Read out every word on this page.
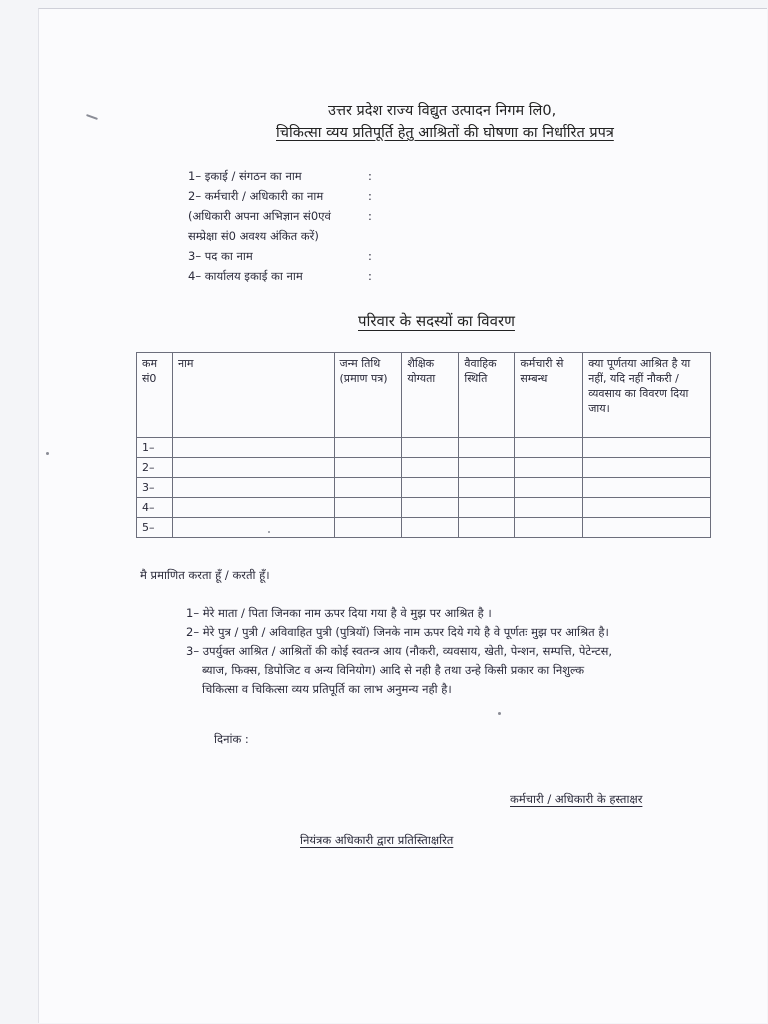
उत्तर प्रदेश राज्य विद्युत उत्पादन निगम लि0,
चिकित्सा व्यय प्रतिपूर्ति हेतु आश्रितों की घोषणा का निर्धारित प्रपत्र
1– इकाई / संगठन का नाम	:
2– कर्मचारी / अधिकारी का नाम	:
(अधिकारी अपना अभिज्ञान सं0एवं	:
सम्प्रेक्षा सं0 अवश्य अंकित करें)
3– पद का नाम	:
4– कार्यालय इकाई का नाम	:
परिवार के सदस्यों का विवरण
कम सं0	नाम	जन्म तिथि (प्रमाण पत्र)	शैक्षिक योग्यता	वैवाहिक स्थिति	कर्मचारी से सम्बन्ध	क्या पूर्णतया आश्रित है या नहीं, यदि नहीं नौकरी / व्यवसाय का विवरण दिया जाय।
1–						
2–						
3–						
4–						
5–						
मै प्रमाणित करता हूँ / करती हूँ।
1– मेरे माता / पिता जिनका नाम ऊपर दिया गया है वे मुझ पर आश्रित है ।
2– मेरे पुत्र / पुत्री / अविवाहित पुत्री (पुत्रियॉ) जिनके नाम ऊपर दिये गये है वे पूर्णतः मुझ पर आश्रित है।
3– उपर्युक्त आश्रित / आश्रितों की कोई स्वतन्त्र आय (नौकरी, व्यवसाय, खेती, पेन्शन, सम्पत्ति, पेटेन्टस,
ब्याज, फिक्स, डिपोजिट व अन्य विनियोग) आदि से नही है तथा उन्हे किसी प्रकार का निशुल्क
चिकित्सा व चिकित्सा व्यय प्रतिपूर्ति का लाभ अनुमन्य नही है।
दिनांक :
कर्मचारी / अधिकारी के हस्ताक्षर
नियंत्रक अधिकारी द्वारा प्रतिस्तिाक्षरित
